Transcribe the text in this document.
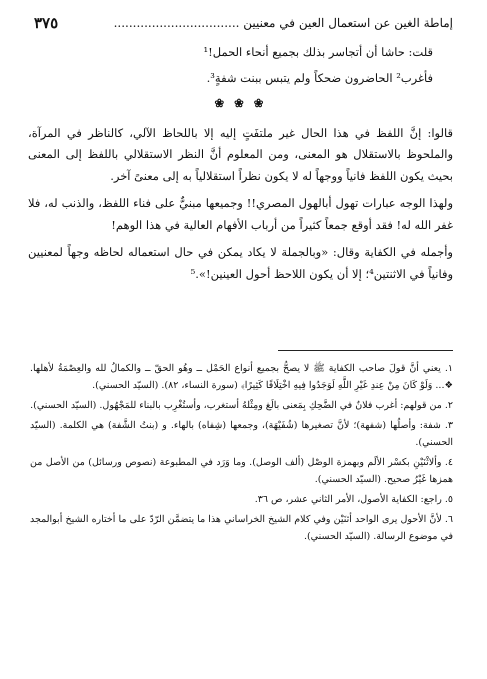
إماطة الغين عن استعمال العين في معنيين .................................
٣٧٥
قلت: حاشا أن أتجاسر بذلك بجميع أنحاء الحمل!¹
فأغرب² الحاضرون ضحكاً ولم يتبس ببنت شفةٍ³.
❀ ❀ ❀

قالوا: إنَّ اللفظ في هذا الحال غير ملتفَتٍ إليه إلا باللحاظ الآلي، كالناظر في المرآة، والملحوظ بالاستقلال هو المعنى، ومن المعلوم أنَّ النظر الاستقلالي باللفظ إلى المعنى بحيث يكون اللفظ فانياً ووجهاً له لا يكون نظراً استقلالياً به إلى معنىً آخر.

ولهذا الوجه عبارات تهول أبالهول المصري!! وجميعها مبنيٌّ على فناء اللفظ، والذنب له، فلا غفر الله له! فقد أوقع جمعاً كثيراً من أرباب الأفهام العالية في هذا الوهم!

وأجمله في الكفاية وقال: «وبالجملة لا يكاد يمكن في حال استعماله لحاظه وجهاً لمعنيين وفانياً في الاثنتين⁴؛ إلا أن يكون اللاحظ أحول العينين!».⁵

١. يعني أنَّ قولَ صاحب الكفاية ﷺ لا يصحُّ بجميع أنواع الحَمْل ــ وهُو الحقّ ــ والكمالُ لله والعِصْمَةُ لأهلها. ❖... وَلَوْ كَانَ مِنْ عِندِ غَيْرِ اللَّهِ لَوَجَدُوا فِيهِ اخْتِلَافًا كَثِيرًا﴾ (سورة النساء، ٨٢). (السيّد الحسني).

٢. من قولهم: أغرب فلانٌ في الضَّحِكِ بِمَعنى بالَغ ومِثْلهُ أستغرب، وأستُغْرِب بالبناء للمَجْهُول. (السيّد الحسني).

٣. شفة: وأصلُها (شفهة)؛ لأنَّ تصغيرها (شُفَيْهَة)، وجمعها (شِفاه) بالهاء. و (بنتُ الشَّفة) هي الكلمة. (السيّد الحسني).

٤. وألاثْنَيْنِ بكسْر الألَم وبهمزة الوصْل (ألف الوصل). وما وَرَد في المطبوعة (نصوص ورسائل) من الأصل من همزها غَيْرُ صحيح. (السيّد الحسني).

٥. راجع: الكفاية الأصول، الأمر الثاني عشر، ص ٣٦.

٦. لأنَّ الأحول يرى الواحد أثنَيْن وفي كلام الشيخ الخراساني هذا ما يتضمَّن الرّدّ على ما أختاره الشيخ أبوالمجد في موضوع الرسالة. (السيّد الحسني).
